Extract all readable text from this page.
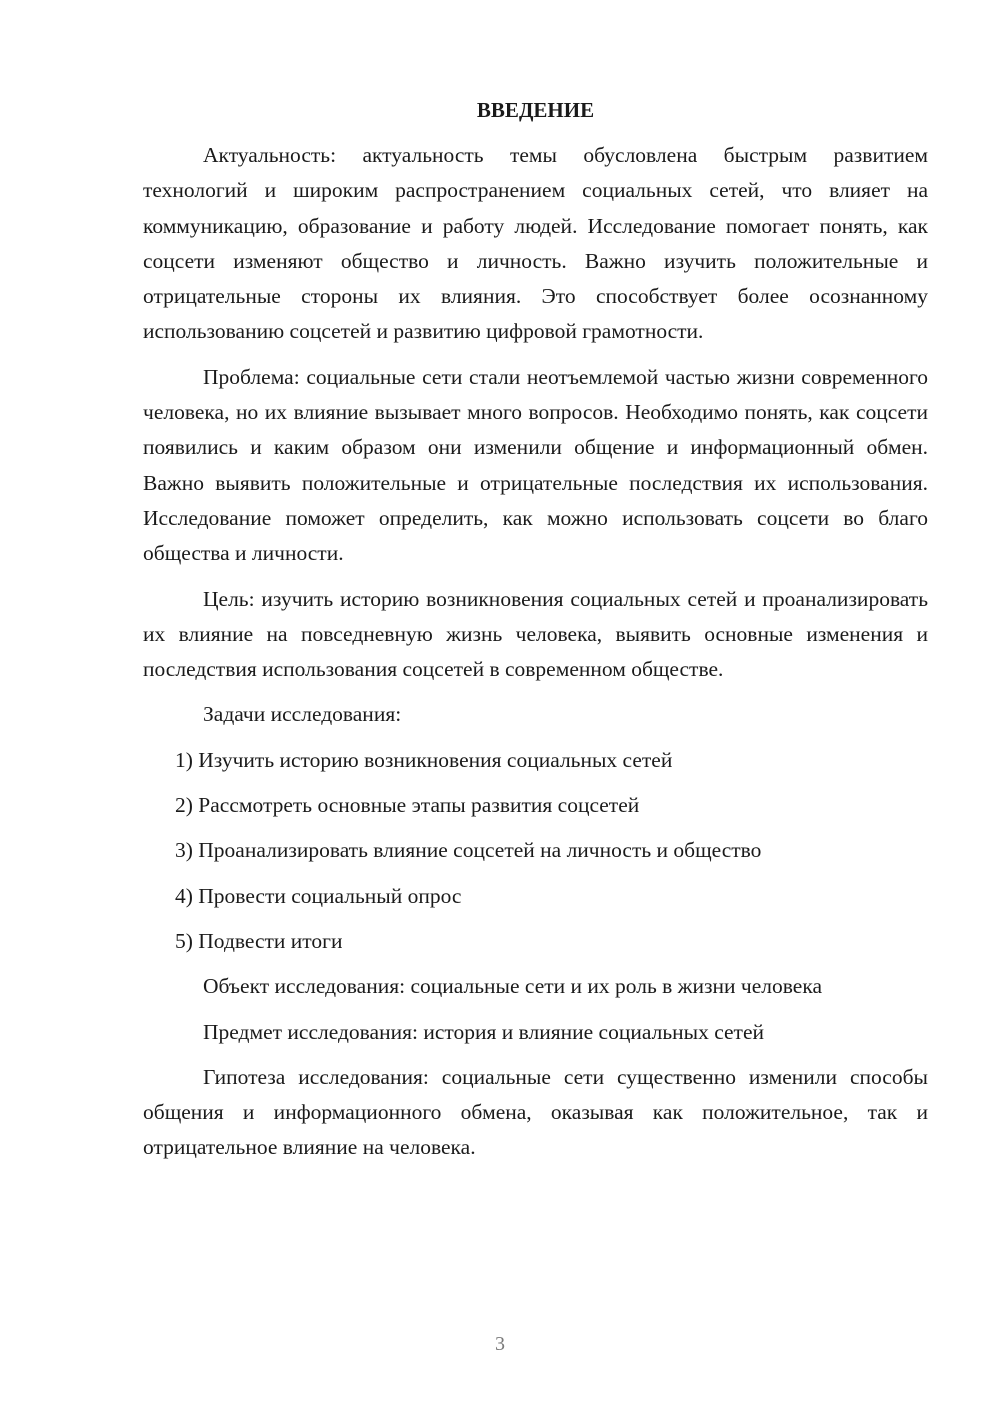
ВВЕДЕНИЕ

Актуальность: актуальность темы обусловлена быстрым развитием технологий и широким распространением социальных сетей, что влияет на коммуникацию, образование и работу людей. Исследование помогает понять, как соцсети изменяют общество и личность. Важно изучить положительные и отрицательные стороны их влияния. Это способствует более осознанному использованию соцсетей и развитию цифровой грамотности.

Проблема: социальные сети стали неотъемлемой частью жизни современного человека, но их влияние вызывает много вопросов. Необходимо понять, как соцсети появились и каким образом они изменили общение и информационный обмен. Важно выявить положительные и отрицательные последствия их использования. Исследование поможет определить, как можно использовать соцсети во благо общества и личности.

Цель: изучить историю возникновения социальных сетей и проанализировать их влияние на повседневную жизнь человека, выявить основные изменения и последствия использования соцсетей в современном обществе.

Задачи исследования:

1) Изучить историю возникновения социальных сетей
2) Рассмотреть основные этапы развития соцсетей
3) Проанализировать влияние соцсетей на личность и общество
4) Провести социальный опрос
5) Подвести итоги

Объект исследования: социальные сети и их роль в жизни человека

Предмет исследования: история и влияние социальных сетей

Гипотеза исследования: социальные сети существенно изменили способы общения и информационного обмена, оказывая как положительное, так и отрицательное влияние на человека.

3
